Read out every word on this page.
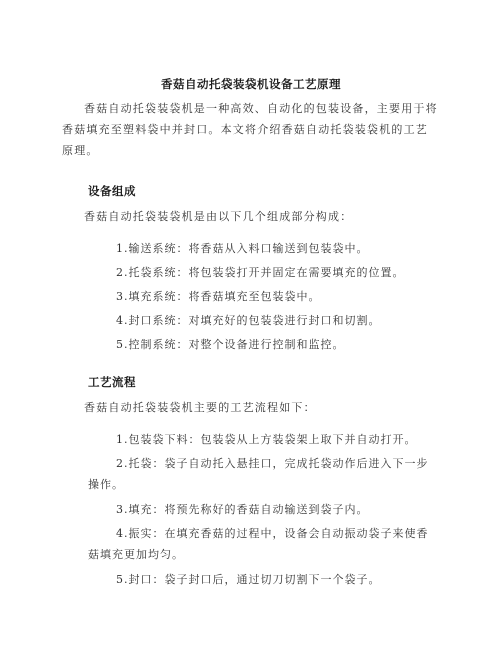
香菇自动托袋装袋机设备工艺原理

香菇自动托袋装袋机是一种高效、自动化的包装设备，主要用于将香菇填充至塑料袋中并封口。本文将介绍香菇自动托袋装袋机的工艺原理。

设备组成

香菇自动托袋装袋机是由以下几个组成部分构成：

1.输送系统：将香菇从入料口输送到包装袋中。

2.托袋系统：将包装袋打开并固定在需要填充的位置。

3.填充系统：将香菇填充至包装袋中。

4.封口系统：对填充好的包装袋进行封口和切割。

5.控制系统：对整个设备进行控制和监控。

工艺流程

香菇自动托袋装袋机主要的工艺流程如下：

1.包装袋下料：包装袋从上方装袋架上取下并自动打开。

2.托袋：袋子自动托入悬挂口，完成托袋动作后进入下一步操作。

3.填充：将预先称好的香菇自动输送到袋子内。

4.振实：在填充香菇的过程中，设备会自动振动袋子来使香菇填充更加均匀。

5.封口：袋子封口后，通过切刀切割下一个袋子。
